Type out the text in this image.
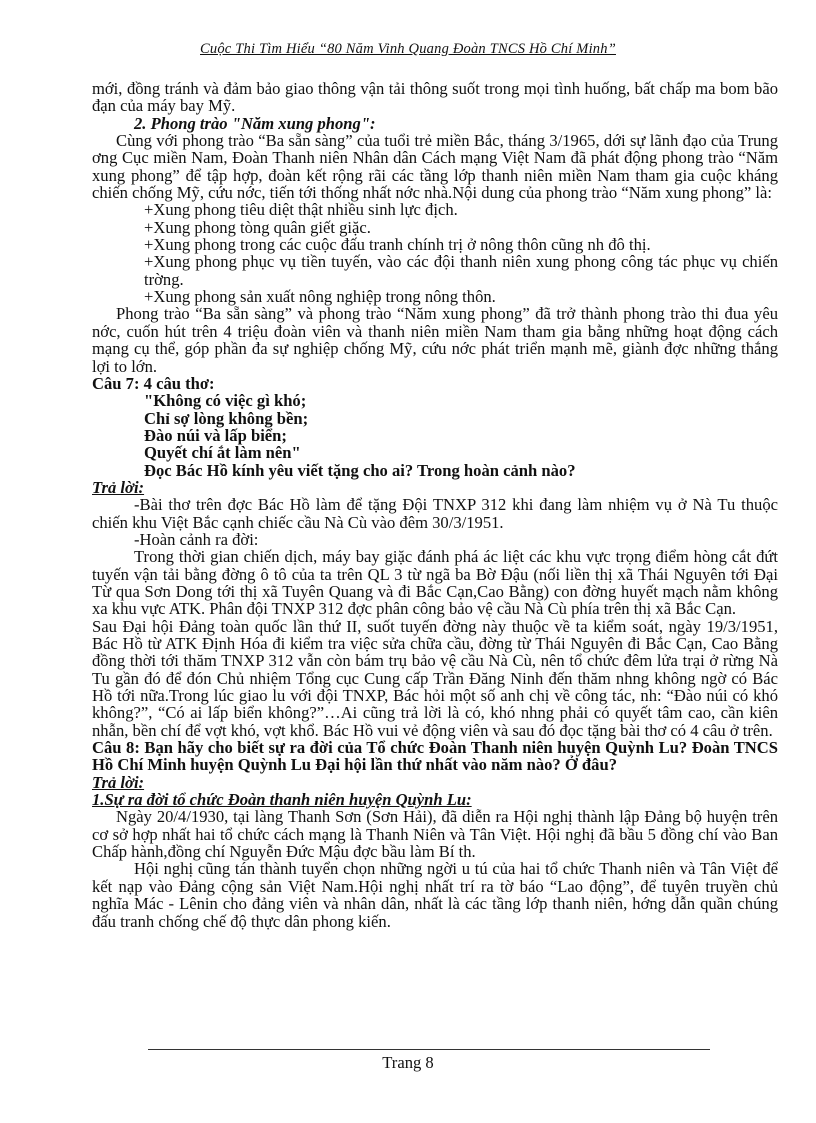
Cuộc Thi Tìm Hiểu “80 Năm Vinh Quang Đoàn TNCS Hồ Chí Minh”

mới, đồng tránh và đảm bảo giao thông vận tải thông suốt trong mọi tình huống, bất chấp ma bom bão đạn của máy bay Mỹ.

2. Phong trào "Năm xung phong":

Cùng với phong trào “Ba sẵn sàng” của tuổi trẻ miền Bắc, tháng 3/1965, dới sự lãnh đạo của Trung ơng Cục miền Nam, Đoàn Thanh niên Nhân dân Cách mạng Việt Nam đã phát động phong trào “Năm xung phong” để tập hợp, đoàn kết rộng rãi các tầng lớp thanh niên miền Nam tham gia cuộc kháng chiến chống Mỹ, cứu nớc, tiến tới thống nhất nớc nhà.Nội dung của phong trào “Năm xung phong” là:

+Xung phong tiêu diệt thật nhiều sinh lực địch.

+Xung phong tòng quân giết giặc.

+Xung phong trong các cuộc đấu tranh chính trị ở nông thôn cũng nh đô thị.

+Xung phong phục vụ tiền tuyến, vào các đội thanh niên xung phong công tác phục vụ chiến trờng.

+Xung phong sản xuất nông nghiệp trong nông thôn.

Phong trào “Ba sẵn sàng” và phong trào “Năm xung phong” đã trở thành phong trào thi đua yêu nớc, cuốn hút trên 4 triệu đoàn viên và thanh niên miền Nam tham gia bằng những hoạt động cách mạng cụ thể, góp phần đa sự nghiệp chống Mỹ, cứu nớc phát triển mạnh mẽ, giành đợc những thắng lợi to lớn.

Câu 7: 4 câu thơ:

"Không có việc gì khó;

Chỉ sợ lòng không bền;

Đào núi và lấp biển;

Quyết chí ắt làm nên"

Đọc Bác Hồ kính yêu viết tặng cho ai? Trong hoàn cảnh nào?

Trả lời:

-Bài thơ trên đợc Bác Hồ làm để tặng Đội TNXP 312 khi đang làm nhiệm vụ ở Nà Tu thuộc chiến khu Việt Bắc cạnh chiếc cầu Nà Cù vào đêm 30/3/1951.

-Hoàn cảnh ra đời:

Trong thời gian chiến dịch, máy bay giặc đánh phá ác liệt các khu vực trọng điểm hòng cắt đứt tuyến vận tải bằng đờng ô tô của ta trên QL 3 từ ngã ba Bờ Đậu (nối liền thị xã Thái Nguyên tới Đại Từ qua Sơn Dong tới thị xã Tuyên Quang và đi Bắc Cạn,Cao Bằng) con đờng huyết mạch nằm không xa khu vực ATK. Phân đội TNXP 312 đợc phân công bảo vệ cầu Nà Cù phía trên thị xã Bắc Cạn.

Sau Đại hội Đảng toàn quốc lần thứ II, suốt tuyến đờng này thuộc về ta kiểm soát, ngày 19/3/1951, Bác Hồ từ ATK Định Hóa đi kiểm tra việc sửa chữa cầu, đờng từ Thái Nguyên đi Bắc Cạn, Cao Bằng đồng thời tới thăm TNXP 312 vẫn còn bám trụ bảo vệ cầu Nà Cù, nên tổ chức đêm lửa trại ở rừng Nà Tu gần đó để đón Chủ nhiệm Tổng cục Cung cấp Trần Đăng Ninh đến thăm nhng không ngờ có Bác Hồ tới nữa.Trong lúc giao lu với đội TNXP, Bác hỏi một số anh chị về công tác, nh: “Đào núi có khó không?”, “Có ai lấp biển không?”…Ai cũng trả lời là có, khó nhng phải có quyết tâm cao, cần kiên nhẫn, bền chí để vợt khó, vợt khổ. Bác Hồ vui vẻ động viên và sau đó đọc tặng bài thơ có 4 câu ở trên.

Câu 8: Bạn hãy cho biết sự ra đời của Tổ chức Đoàn Thanh niên huyện Quỳnh Lu? Đoàn TNCS Hồ Chí Minh huyện Quỳnh Lu Đại hội lần thứ nhất vào năm nào? Ở đâu?

Trả lời:

1.Sự ra đời tổ chức Đoàn thanh niên huyện Quỳnh Lu:

Ngày 20/4/1930, tại làng Thanh Sơn (Sơn Hải), đã diễn ra Hội nghị thành lập Đảng bộ huyện trên cơ sở hợp nhất hai tổ chức cách mạng là Thanh Niên và Tân Việt. Hội nghị đã bầu 5 đồng chí vào Ban Chấp hành,đồng chí Nguyễn Đức Mậu đợc bầu làm Bí th.

Hội nghị cũng tán thành tuyển chọn những ngời u tú của hai tổ chức Thanh niên và Tân Việt để kết nạp vào Đảng cộng sản Việt Nam.Hội nghị nhất trí ra tờ báo “Lao động”, để tuyên truyền chủ nghĩa Mác - Lênin cho đảng viên và nhân dân, nhất là các tầng lớp thanh niên, hớng dẫn quần chúng đấu tranh chống chế độ thực dân phong kiến.

Trang 8
